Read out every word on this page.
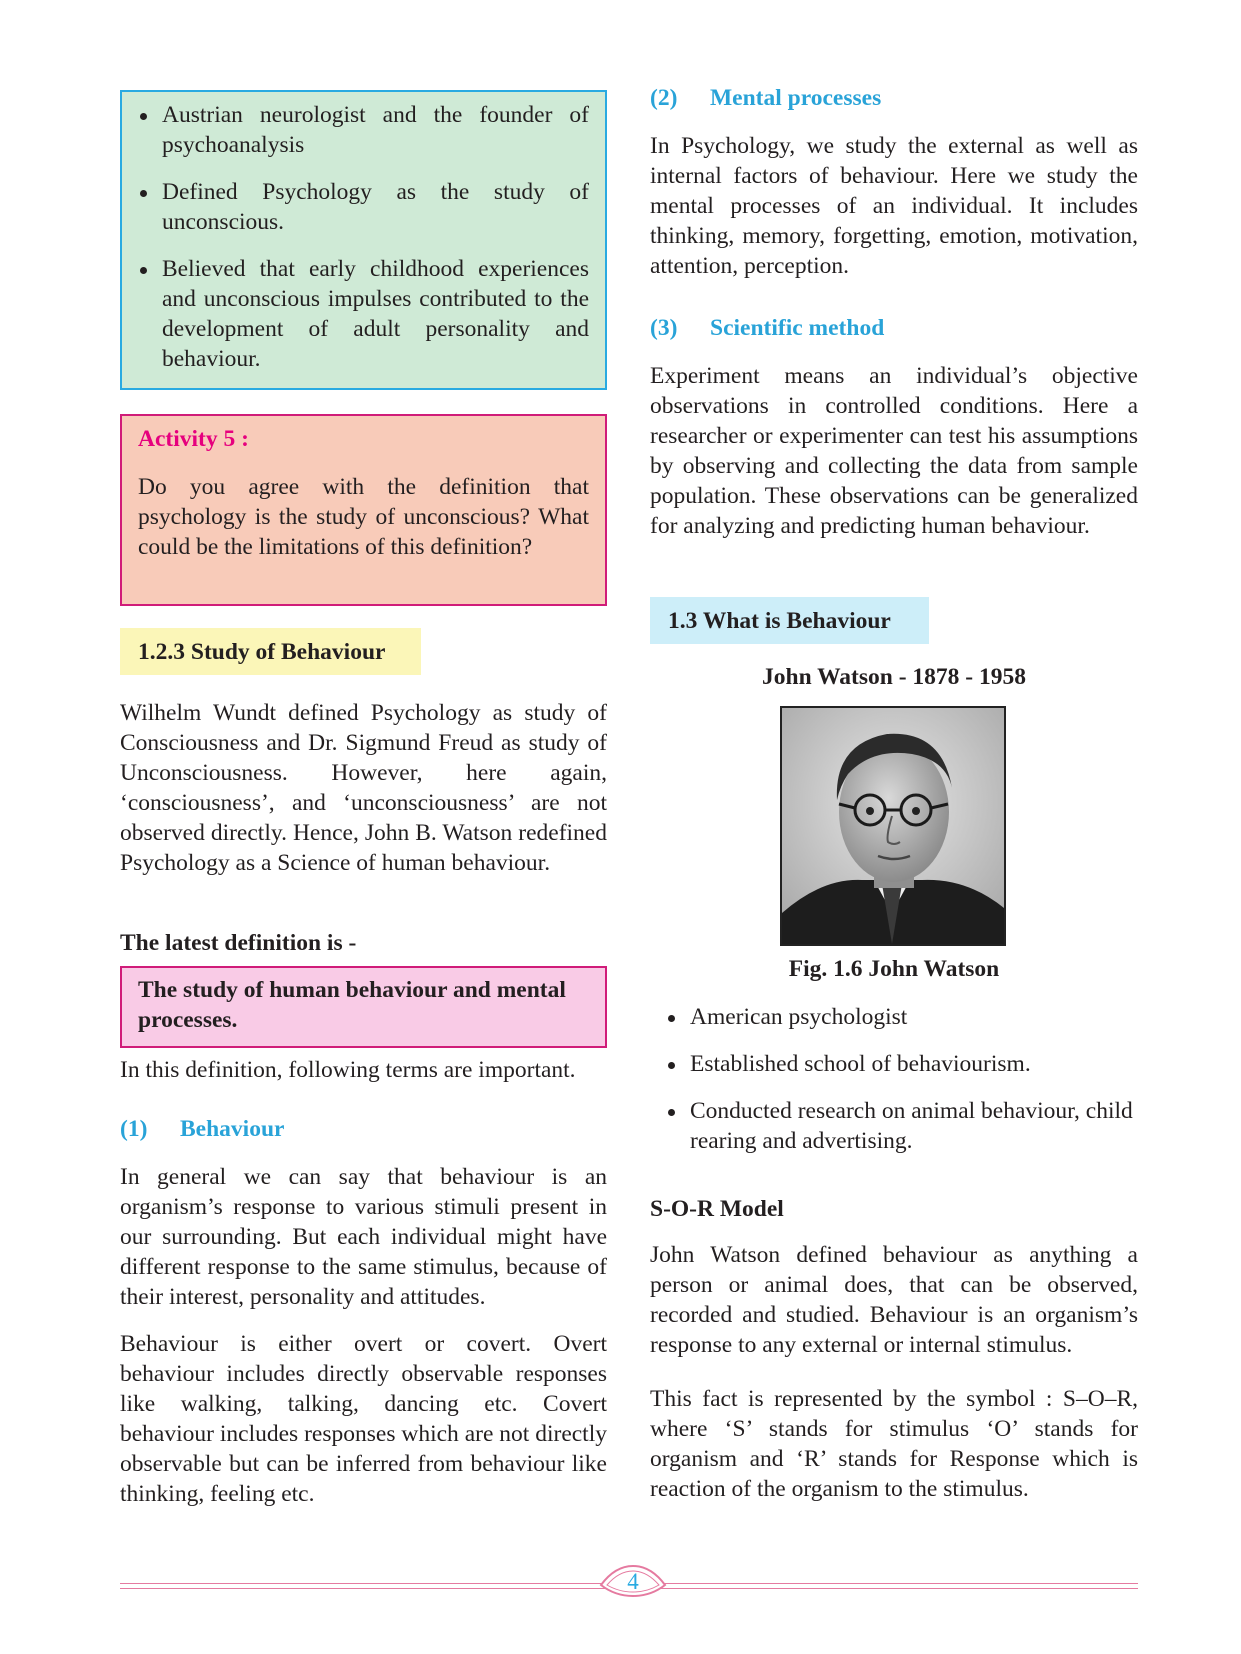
Austrian neurologist and the founder of psychoanalysis

Defined Psychology as the study of unconscious.

Believed that early childhood experiences and unconscious impulses contributed to the development of adult personality and behaviour.

Activity 5 :

Do you agree with the definition that psychology is the study of unconscious? What could be the limitations of this definition?

1.2.3 Study of Behaviour

Wilhelm Wundt defined Psychology as study of Consciousness and Dr. Sigmund Freud as study of Unconsciousness. However, here again, ‘consciousness’, and ‘unconsciousness’ are not observed directly. Hence, John B. Watson redefined Psychology as a Science of human behaviour.

The latest definition is -
The study of human behaviour and mental processes.
In this definition, following terms are important.
(1) Behaviour

In general we can say that behaviour is an organism’s response to various stimuli present in our surrounding. But each individual might have different response to the same stimulus, because of their interest, personality and attitudes.

Behaviour is either overt or covert. Overt behaviour includes directly observable responses like walking, talking, dancing etc. Covert behaviour includes responses which are not directly observable but can be inferred from behaviour like thinking, feeling etc.

(2) Mental processes

In Psychology, we study the external as well as internal factors of behaviour. Here we study the mental processes of an individual. It includes thinking, memory, forgetting, emotion, motivation, attention, perception.

(3) Scientific method

Experiment means an individual’s objective observations in controlled conditions. Here a researcher or experimenter can test his assumptions by observing and collecting the data from sample population. These observations can be generalized for analyzing and predicting human behaviour.

1.3 What is Behaviour
John Watson - 1878 - 1958
Fig. 1.6 John Watson

American psychologist

Established school of behaviourism.

Conducted research on animal behaviour, child rearing and advertising.

S-O-R Model

John Watson defined behaviour as anything a person or animal does, that can be observed, recorded and studied. Behaviour is an organism’s response to any external or internal stimulus.

This fact is represented by the symbol : S–O–R, where ‘S’ stands for stimulus ‘O’ stands for organism and ‘R’ stands for Response which is reaction of the organism to the stimulus.

4
